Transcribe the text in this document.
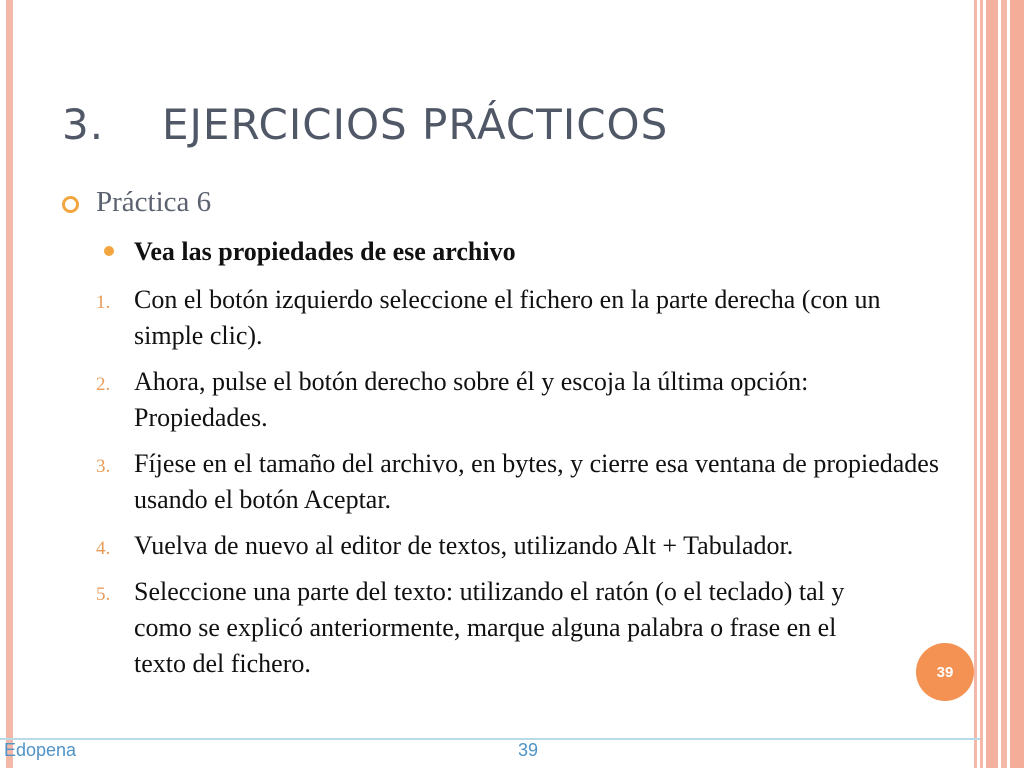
3. EJERCICIOS PRÁCTICOS

Práctica 6

Vea las propiedades de ese archivo

1. Con el botón izquierdo seleccione el fichero en la parte derecha (con un simple clic).
2. Ahora, pulse el botón derecho sobre él y escoja la última opción: Propiedades.
3. Fíjese en el tamaño del archivo, en bytes, y cierre esa ventana de propiedades usando el botón Aceptar.
4. Vuelva de nuevo al editor de textos, utilizando Alt + Tabulador.
5. Seleccione una parte del texto: utilizando el ratón (o el teclado) tal y como se explicó anteriormente, marque alguna palabra o frase en el texto del fichero.	39

Edopena	39
